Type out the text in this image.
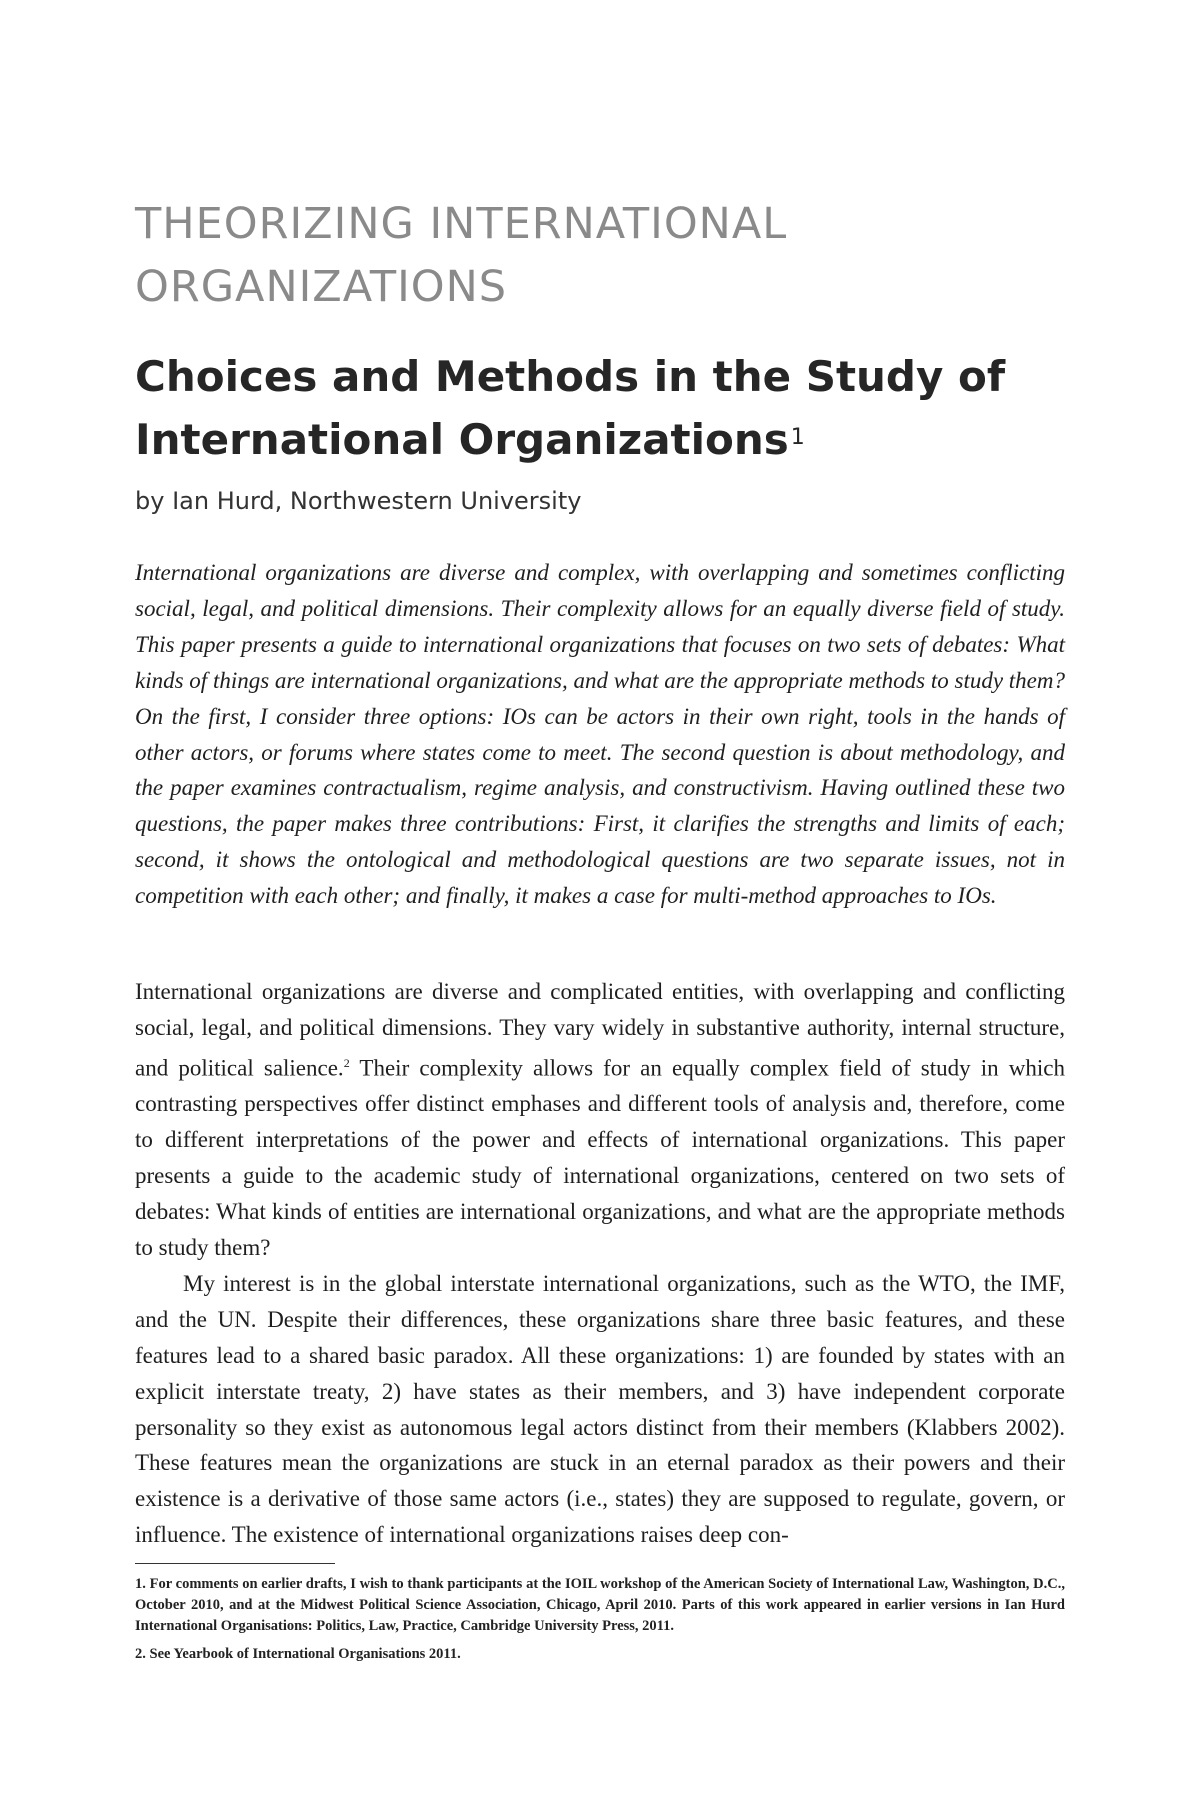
THEORIZING INTERNATIONAL ORGANIZATIONS
Choices and Methods in the Study of International Organizations$^1$
by Ian Hurd, Northwestern University

International organizations are diverse and complex, with overlapping and sometimes conflicting social, legal, and political dimensions. Their complexity allows for an equally diverse field of study. This paper presents a guide to international organizations that focuses on two sets of debates: What kinds of things are international organizations, and what are the appropriate methods to study them? On the first, I consider three options: IOs can be actors in their own right, tools in the hands of other actors, or forums where states come to meet. The second question is about methodology, and the paper examines contractualism, regime analysis, and constructivism. Having outlined these two questions, the paper makes three contributions: First, it clarifies the strengths and limits of each; second, it shows the ontological and methodological questions are two separate issues, not in competition with each other; and finally, it makes a case for multi-method approaches to IOs.

International organizations are diverse and complicated entities, with overlapping and conflicting social, legal, and political dimensions. They vary widely in substantive authority, internal structure, and political salience.$^2$ Their complexity allows for an equally complex field of study in which contrasting perspectives offer distinct emphases and different tools of analysis and, therefore, come to different interpretations of the power and effects of international organizations. This paper presents a guide to the academic study of international organizations, centered on two sets of debates: What kinds of entities are international organizations, and what are the appropriate methods to study them?

My interest is in the global interstate international organizations, such as the WTO, the IMF, and the UN. Despite their differences, these organizations share three basic features, and these features lead to a shared basic paradox. All these organizations: 1) are founded by states with an explicit interstate treaty, 2) have states as their members, and 3) have independent corporate personality so they exist as autonomous legal actors distinct from their members (Klabbers 2002). These features mean the organizations are stuck in an eternal paradox as their powers and their existence is a derivative of those same actors (i.e., states) they are supposed to regulate, govern, or influence. The existence of international organizations raises deep con-

1. For comments on earlier drafts, I wish to thank participants at the IOIL workshop of the American Society of International Law, Washington, D.C., October 2010, and at the Midwest Political Science Association, Chicago, April 2010. Parts of this work appeared in earlier versions in Ian Hurd International Organisations: Politics, Law, Practice, Cambridge University Press, 2011.

2. See Yearbook of International Organisations 2011.
